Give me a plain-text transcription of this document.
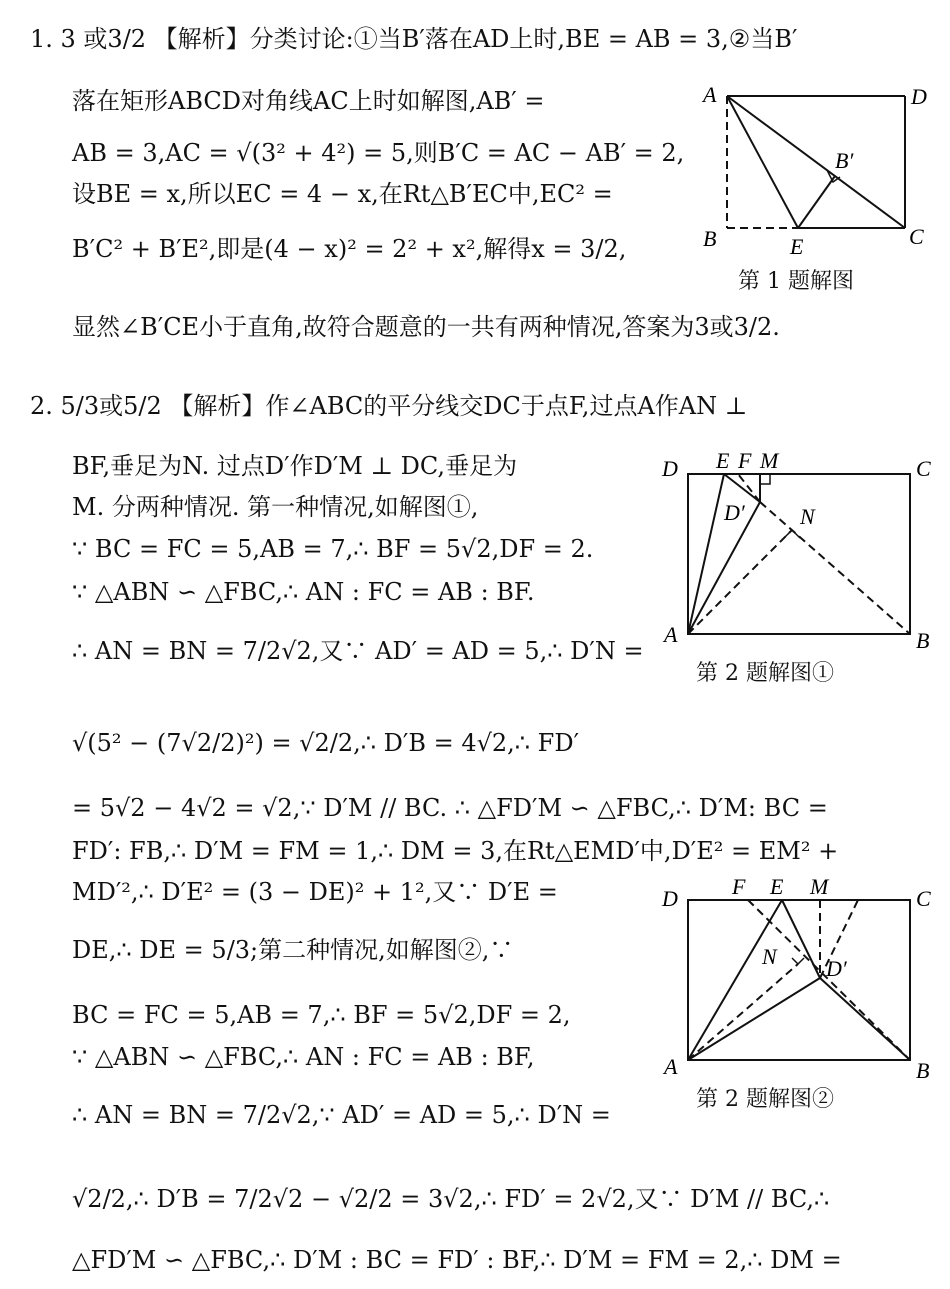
1. 3 或3/2 【解析】分类讨论:①当B′落在AD上时,BE = AB = 3,②当B′
落在矩形ABCD对角线AC上时如解图,AB′ =
AB = 3,AC = √(3² + 4²) = 5,则B′C = AC − AB′ = 2,
设BE = x,所以EC = 4 − x,在Rt△B′EC中,EC² =
B′C² + B′E²,即是(4 − x)² = 2² + x²,解得x = 3/2,
显然∠B′CE小于直角,故符合题意的一共有两种情况,答案为3或3/2.
2. 5/3或5/2 【解析】作∠ABC的平分线交DC于点F,过点A作AN ⊥
BF,垂足为N. 过点D′作D′M ⊥ DC,垂足为
M. 分两种情况. 第一种情况,如解图①,
∵ BC = FC = 5,AB = 7,∴ BF = 5√2,DF = 2.
∵ △ABN ∽ △FBC,∴ AN : FC = AB : BF.
∴ AN = BN = 7/2√2,又∵ AD′ = AD = 5,∴ D′N =
√(5² − (7√2/2)²) = √2/2,∴ D′B = 4√2,∴ FD′
= 5√2 − 4√2 = √2,∵ D′M // BC. ∴ △FD′M ∽ △FBC,∴ D′M: BC =
FD′: FB,∴ D′M = FM = 1,∴ DM = 3,在Rt△EMD′中,D′E² = EM² +
MD′²,∴ D′E² = (3 − DE)² + 1²,又∵ D′E =
DE,∴ DE = 5/3;第二种情况,如解图②,∵
BC = FC = 5,AB = 7,∴ BF = 5√2,DF = 2,
∵ △ABN ∽ △FBC,∴ AN : FC = AB : BF,
∴ AN = BN = 7/2√2,∵ AD′ = AD = 5,∴ D′N =
√2/2,∴ D′B = 7/2√2 − √2/2 = 3√2,∴ FD′ = 2√2,又∵ D′M // BC,∴
△FD′M ∽ △FBC,∴ D′M : BC = FD′ : BF,∴ D′M = FM = 2,∴ DM =
A	D
B	E	C
B′
第 1 题解图
D E F M	C
D′	N
A	B
第 2 题解图①
D F E M	C
N D′
A	B
第 2 题解图②
